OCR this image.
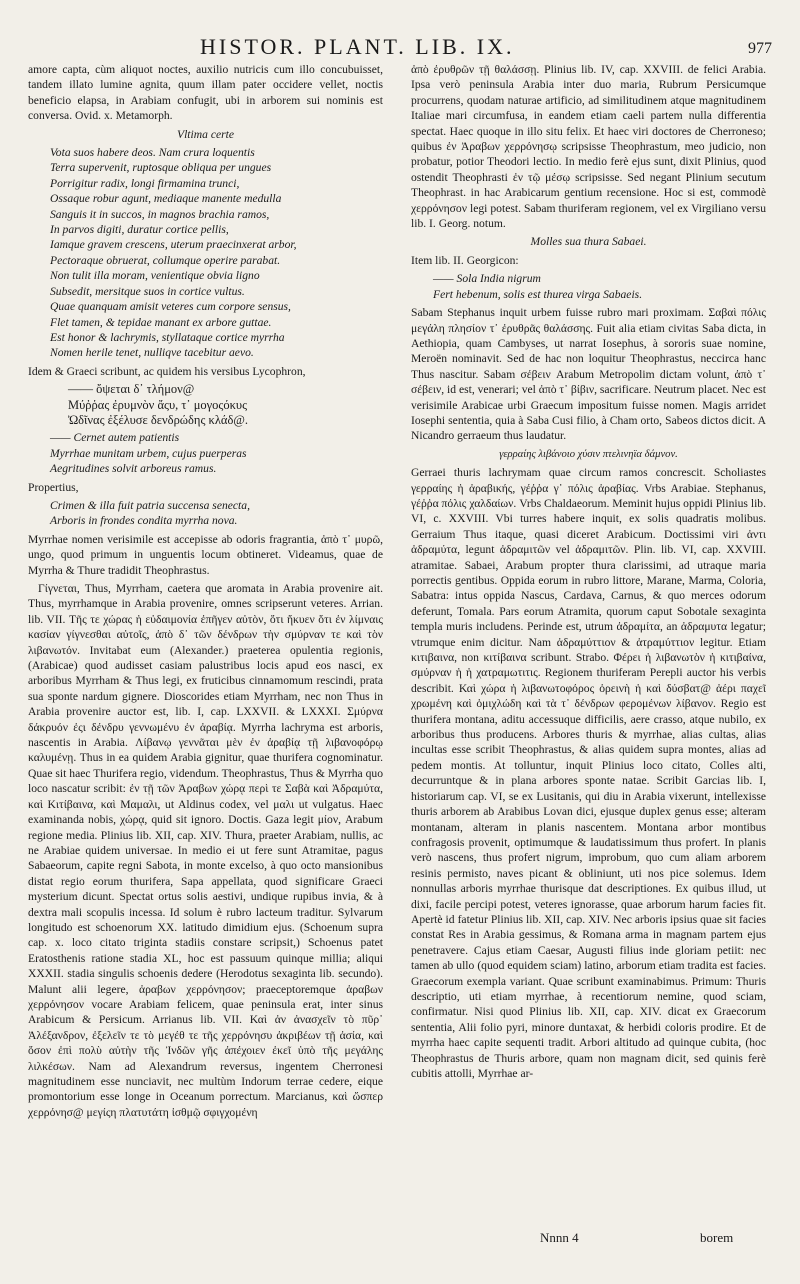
HISTOR. PLANT. LIB. IX.	977

amore capta, cùm aliquot noctes, auxilio nutricis cum illo concubuisset, tandem illato lumine agnita, quum illam pater occidere vellet, noctis beneficio elapsa, in Arabiam confugit, ubi in arborem sui nominis est conversa. Ovid. x. Metamorph.

Vltima certe
Vota suos habere deos. Nam crura loquentis
Terra supervenit, ruptosque obliqua per ungues
Porrigitur radix, longi firmamina trunci,
Ossaque robur agunt, mediaque manente medulla
Sanguis it in succos, in magnos brachia ramos,
In parvos digiti, duratur cortice pellis,
Iamque gravem crescens, uterum praecinxerat arbor,
Pectoraque obruerat, collumque operire parabat.
Non tulit illa moram, venientique obvia ligno
Subsedit, mersitque suos in cortice vultus.
Quae quanquam amisit veteres cum corpore sensus,
Flet tamen, & tepidae manant ex arbore guttae.
Est honor & lachrymis, styllataque cortice myrrha
Nomen herile tenet, nulliqve tacebitur aevo.

Idem & Graeci scribunt, ac quidem his versibus Lycophron,

—— ὄψεται δ᾽ τλήμον@
Μύῤῥας ἐρυμνὸν ἄςυ, τ᾽ μογοςόκυς
Ὠδῖνας ἐξέλυσε δενδρώδης κλάδ@.
—— Cernet autem patientis
Myrrhae munitam urbem, cujus puerperas
Aegritudines solvit arboreus ramus.

Propertius,

Crimen & illa fuit patria succensa senecta,
Arboris in frondes condita myrrha nova.

Myrrhae nomen verisimile est accepisse ab odoris fragrantia, ἀπὸ τ᾽ μυρῶ, ungo, quod primum in unguentis locum obtineret. Videamus, quae de Myrrha & Thure tradidit Theophrastus.

Γίγνεται, Thus, Myrrham, caetera que aromata in Arabia provenire ait. Thus, myrrhamque in Arabia provenire, omnes scripserunt veteres. Arrian. lib. VII. Τῆς τε χώρας ἡ εὐδαιμονία ἐπῆγεν αὐτὸν, ὅτι ἤκυεν ὅτι ἐν λίμναις κασίαν γίγνεσθαι αὐτοῖς, ἀπὸ δ᾽ τῶν δένδρων τὴν σμύρναν τε καὶ τὸν λιβανωτόν. Invitabat eum (Alexander.) praeterea opulentia regionis, (Arabicae) quod audisset casiam palustribus locis apud eos nasci, ex arboribus Myrrham & Thus legi, ex fruticibus cinnamomum rescindi, prata sua sponte nardum gignere. Dioscorides etiam Myrrham, nec non Thus in Arabia provenire auctor est, lib. I, cap. LXXVII. & LXXXI. Σμύρνα δάκρυόν ἐςι δένδρυ γεννωμένυ ἐν ἀραβίᾳ. Myrrha lachryma est arboris, nascentis in Arabia. Λίβανῳ γεννᾶται μὲν ἐν ἀραβίᾳ τῇ λιβανοφόρῳ καλυμένῃ. Thus in ea quidem Arabia gignitur, quae thurifera cognominatur. Quae sit haec Thurifera regio, videndum. Theophrastus, Thus & Myrrha quo loco nascatur scribit: ἐν τῇ τῶν Ἀραβων χώρᾳ περὶ τε Σαβὰ καὶ Ἀδραμύτα, καὶ Κιτίβαινα, καὶ Μαμαλι, ut Aldinus codex, vel μαλι ut vulgatus. Haec examinanda nobis, χώρᾳ, quid sit ignoro. Doctis. Gaza legit μίον, Arabum regione media. Plinius lib. XII, cap. XIV. Thura, praeter Arabiam, nullis, ac ne Arabiae quidem universae. In medio ei ut fere sunt Atramitae, pagus Sabaeorum, capite regni Sabota, in monte excelso, à quo octo mansionibus distat regio eorum thurifera, Sapa appellata, quod significare Graeci mysterium dicunt. Spectat ortus solis aestivi, undique rupibus invia, & à dextra mali scopulis incessa. Id solum è rubro lacteum traditur. Sylvarum longitudo est schoenorum XX. latitudo dimidium ejus. (Schoenum supra cap. x. loco citato triginta stadiis constare scripsit,) Schoenus patet Eratosthenis ratione stadia XL, hoc est passuum quinque millia; aliqui XXXII. stadia singulis schoenis dedere (Herodotus sexaginta lib. secundo). Malunt alii legere, ἀραβων χερρόνησον; praeceptoremque ἀραβων χερρόνησον vocare Arabiam felicem, quae peninsula erat, inter sinus Arabicum & Persicum. Arrianus lib. VII. Καὶ ἀν ἀνασχεῖν τὸ πῦρ᾽ Ἀλέξανδρον, ἐξελεῖν τε τὸ μεγέθ τε τῆς χερρόνησυ ἀκριβέων τῇ ἀσία, καὶ ὅσον ἐπὶ πολὺ αὐτὴν τῆς Ἰνδῶν γῆς ἀπέχοιεν ἐκεῖ ὑπὸ τῆς μεγάλης λιλκέσων. Nam ad Alexandrum reversus, ingentem Cherronesi magnitudinem esse nunciavit, nec multùm Indorum terrae cedere, eique promontorium esse longe in Oceanum porrectum. Marcianus, καὶ ὥσπερ χερρόνησ@ μεγίςη πλατυτάτη ἰσθμῷ σφιγχομένη

ἀπὸ ἐρυθρῶν τῇ θαλάσσῃ. Plinius lib. IV, cap. XXVIII. de felici Arabia. Ipsa verò peninsula Arabia inter duo maria, Rubrum Persicumque procurrens, quodam naturae artificio, ad similitudinem atque magnitudinem Italiae mari circumfusa, in eandem etiam caeli partem nulla differentia spectat. Haec quoque in illo situ felix. Et haec viri doctores de Cherroneso; quibus ἐν Ἀραβων χερρόνησῳ scripsisse Theophrastum, meo judicio, non probatur, potior Theodori lectio. In medio ferè ejus sunt, dixit Plinius, quod ostendit Theophrasti ἐν τῷ μέσῳ scripsisse. Sed negant Plinium secutum Theophrast. in hac Arabicarum gentium recensione. Hoc si est, commodè χερρόνησον legi potest. Sabam thuriferam regionem, vel ex Virgiliano versu lib. I. Georg. notum.

Molles sua thura Sabaei.

Item lib. II. Georgicon:

—— Sola India nigrum
Fert hebenum, solis est thurea virga Sabaeis.

Sabam Stephanus inquit urbem fuisse rubro mari proximam. Σαβαὶ πόλις μεγάλη πλησίον τ᾽ ἐρυθρᾶς θαλάσσης. Fuit alia etiam civitas Saba dicta, in Aethiopia, quam Cambyses, ut narrat Iosephus, à sororis suae nomine, Meroën nominavit. Sed de hac non loquitur Theophrastus, neccirca hanc Thus nascitur. Sabam σέβειν Arabum Metropolim dictam volunt, ἀπὸ τ᾽ σέβειν, id est, venerari; vel ἀπὸ τ᾽ βίβιν, sacrificare. Neutrum placet. Nec est verisimile Arabicae urbi Graecum impositum fuisse nomen. Magis arridet Iosephi sententia, quia à Saba Cusi filio, à Cham orto, Sabeos dictos dicit. A Nicandro gerraeum thus laudatur.

γερραίης λιβάνοιο χύσιν πτελινηϊα δάμνον.

Gerraei thuris lachrymam quae circum ramos concrescit. Scholiastes γερραίης ἡ ἀραβικής, γέῤῥα γ᾽ πόλις ἀραβίας. Vrbs Arabiae. Stephanus, γέῤῥα πόλις χαλδαίων. Vrbs Chaldaeorum. Meminit hujus oppidi Plinius lib. VI, c. XXVIII. Vbi turres habere inquit, ex solis quadratis molibus. Gerraium Thus itaque, quasi diceret Arabicum. Doctissimi viri ἀντι ἀδραμύτα, legunt ἀδραμιτῶν vel ἀδραμιτῶν. Plin. lib. VI, cap. XXVIII. atramitae. Sabaei, Arabum propter thura clarissimi, ad utraque maria porrectis gentibus. Oppida eorum in rubro littore, Marane, Marma, Coloria, Sabatra: intus oppida Nascus, Cardava, Carnus, & quo merces odorum deferunt, Tomala. Pars eorum Atramita, quorum caput Sobotale sexaginta templa muris includens. Perinde est, utrum ἀδραμίτα, an ἀδραμυτα legatur; vtrumque enim dicitur. Nam ἀδραμύττιον & ἀτραμύττιον legitur. Etiam κιτιβαινα, non κιτίβαινα scribunt. Strabo. Φέρει ἡ λιβανωτὸν ἡ κιτιβαίνα, σμύρναν ἡ ἡ χατραμωτιτις. Regionem thuriferam Perepli auctor his verbis describit. Καὶ χώρα ἡ λιβανωτοφόρος ὀρεινὴ ἡ καὶ δύσβατ@ ἀέρι παχεῖ χρωμένη καὶ ὁμιχλώδη καὶ τὰ τ᾽ δένδρων φερομένων λίβανον. Regio est thurifera montana, aditu accessuque difficilis, aere crasso, atque nubilo, ex arboribus thus producens. Arbores thuris & myrrhae, alias cultas, alias incultas esse scribit Theophrastus, & alias quidem supra montes, alias ad pedem montis. At tolluntur, inquit Plinius loco citato, Colles alti, decurruntque & in plana arbores sponte natae. Scribit Garcias lib. I, historiarum cap. VI, se ex Lusitanis, qui diu in Arabia vixerunt, intellexisse thuris arborem ab Arabibus Lovan dici, ejusque duplex genus esse; alteram montanam, alteram in planis nascentem. Montana arbor montibus confragosis provenit, optimumque & laudatissimum thus profert. In planis verò nascens, thus profert nigrum, improbum, quo cum aliam arborem resinis permisto, naves picant & obliniunt, uti nos pice solemus. Idem nonnullas arboris myrrhae thurisque dat descriptiones. Ex quibus illud, ut dixi, facile percipi potest, veteres ignorasse, quae arborum harum facies fit. Apertè id fatetur Plinius lib. XII, cap. XIV. Nec arboris ipsius quae sit facies constat Res in Arabia gessimus, & Romana arma in magnam partem ejus penetravere. Cajus etiam Caesar, Augusti filius inde gloriam petiit: nec tamen ab ullo (quod equidem sciam) latino, arborum etiam tradita est facies. Graecorum exempla variant. Quae scribunt examinabimus. Primum: Thuris descriptio, uti etiam myrrhae, à recentiorum nemine, quod sciam, confirmatur. Nisi quod Plinius lib. XII, cap. XIV. dicat ex Graecorum sententia, Alii folio pyri, minore duntaxat, & herbidi coloris prodire. Et de myrrha haec capite sequenti tradit. Arbori altitudo ad quinque cubita, (hoc Theophrastus de Thuris arbore, quam non magnam dicit, sed quinis ferè cubitis attolli, Myrrhae ar-

Nnnn 4	borem
